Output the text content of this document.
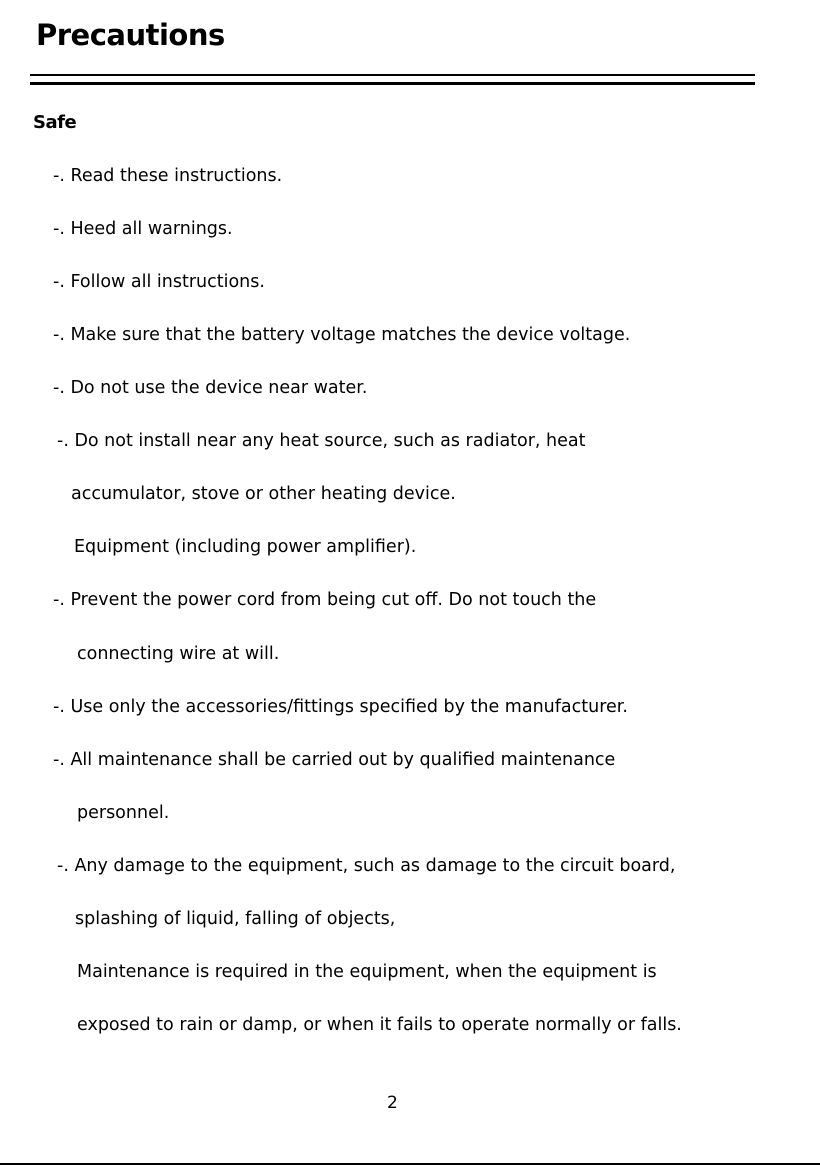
Precautions
Safe
-. Read these instructions.
-. Heed all warnings.
-. Follow all instructions.
-. Make sure that the battery voltage matches the device voltage.
-. Do not use the device near water.
-. Do not install near any heat source, such as radiator, heat
accumulator, stove or other heating device.
Equipment (including power amplifier).
-. Prevent the power cord from being cut off. Do not touch the
connecting wire at will.
-. Use only the accessories/fittings specified by the manufacturer.
-. All maintenance shall be carried out by qualified maintenance
personnel.
-. Any damage to the equipment, such as damage to the circuit board,
splashing of liquid, falling of objects,
Maintenance is required in the equipment, when the equipment is
exposed to rain or damp, or when it fails to operate normally or falls.
2
